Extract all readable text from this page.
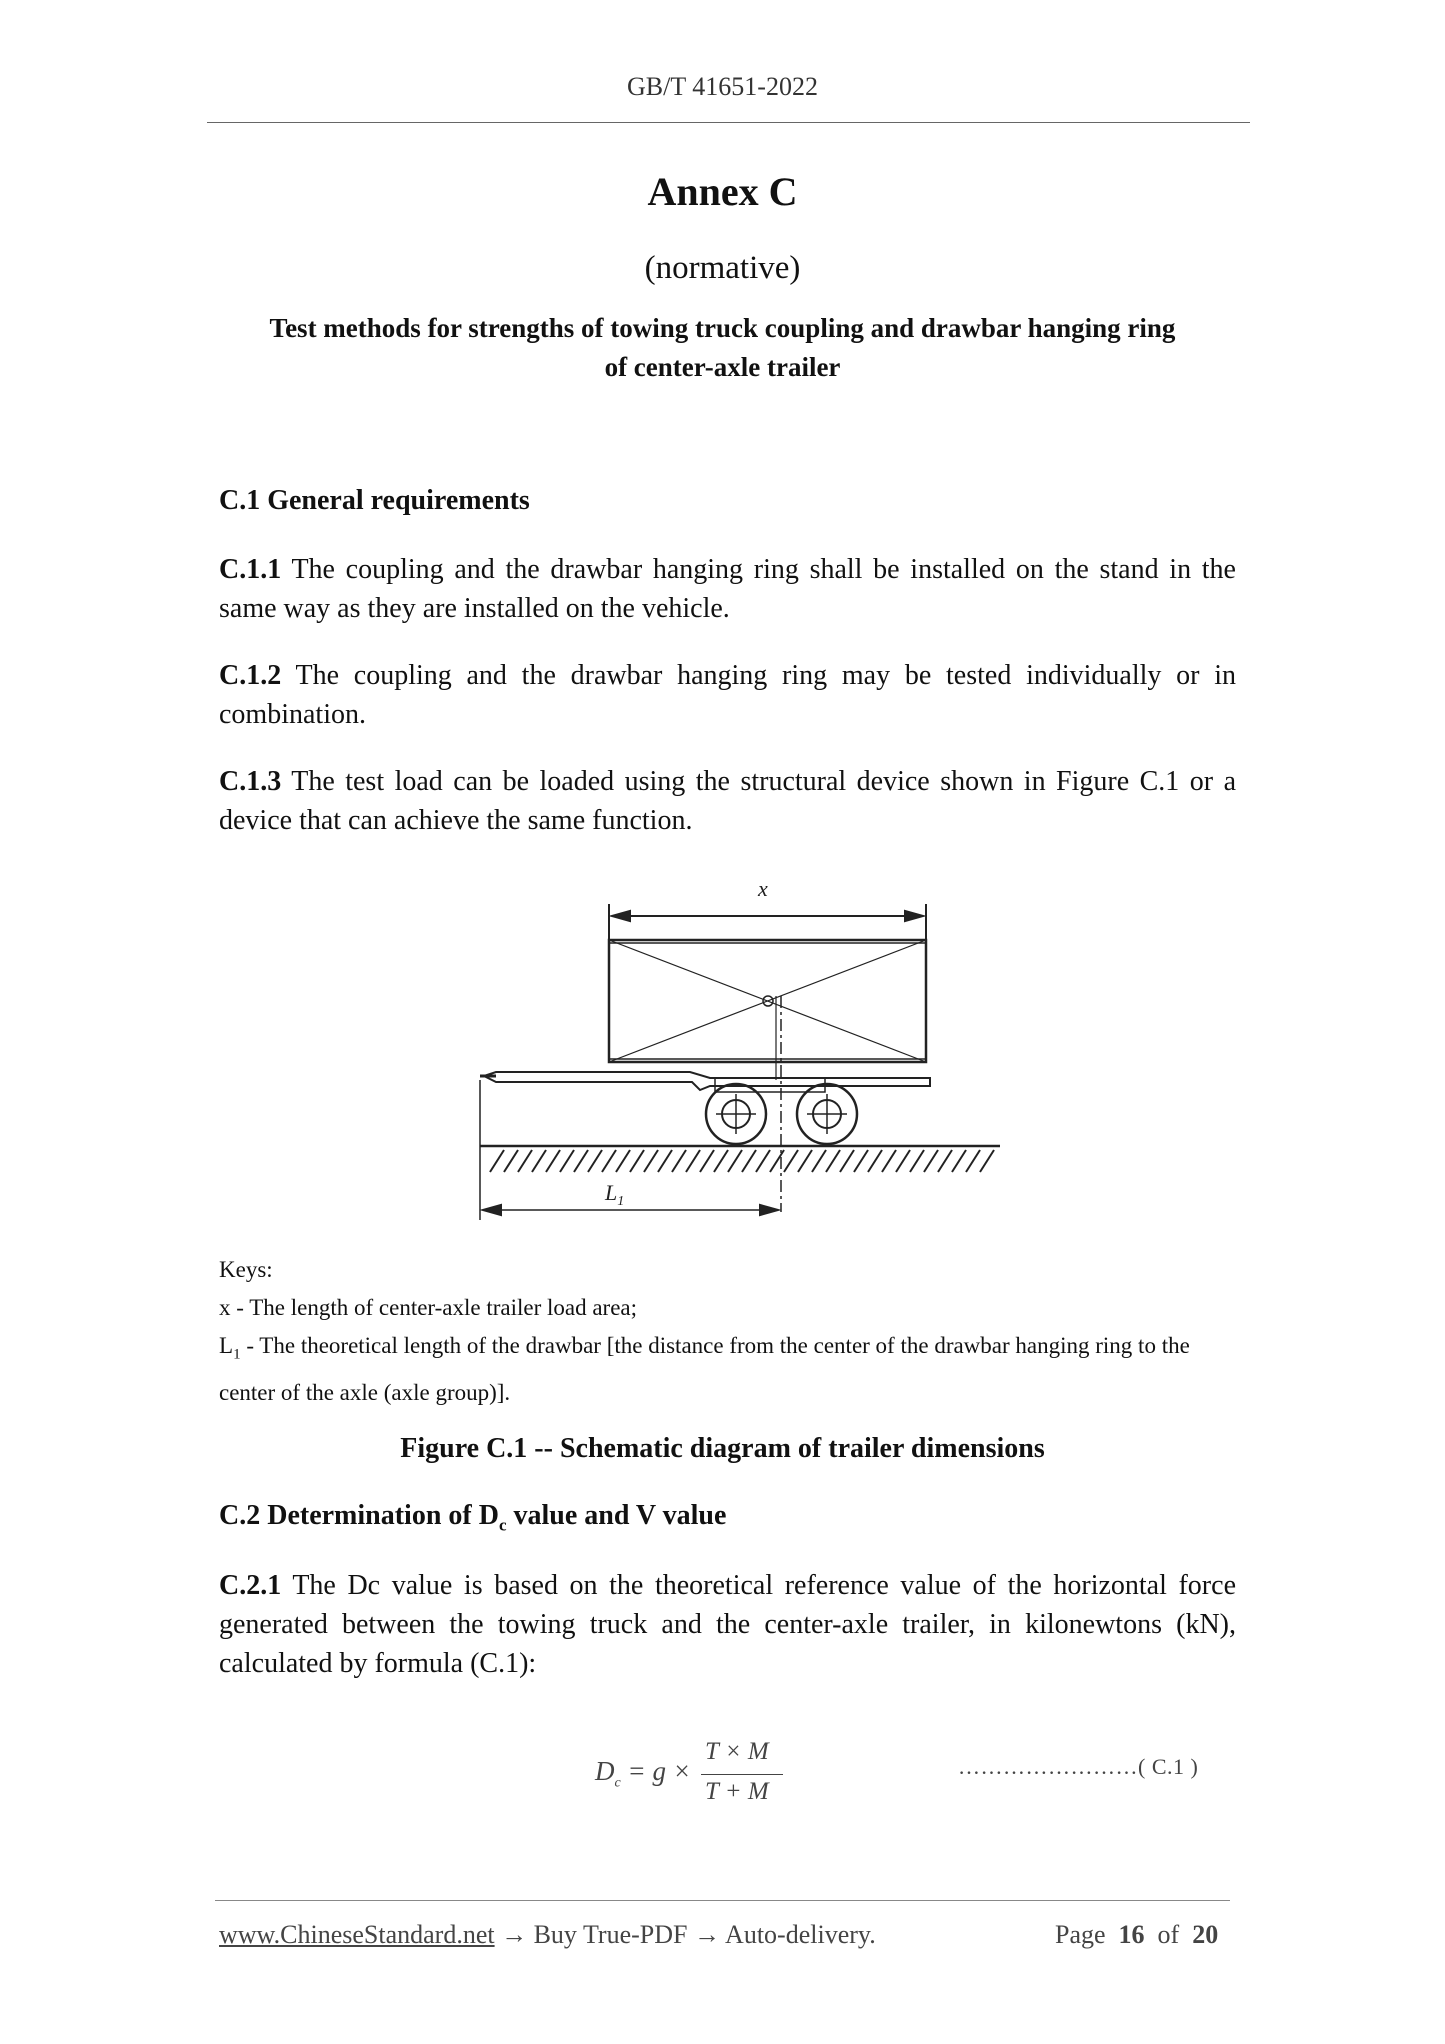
GB/T 41651-2022
Annex C
(normative)
Test methods for strengths of towing truck coupling and drawbar hanging ring
of center-axle trailer
C.1 General requirements
C.1.1 The coupling and the drawbar hanging ring shall be installed on the stand in the same way as they are installed on the vehicle.
C.1.2 The coupling and the drawbar hanging ring may be tested individually or in combination.
C.1.3 The test load can be loaded using the structural device shown in Figure C.1 or a device that can achieve the same function.
x
$L_1$
Keys:
x - The length of center-axle trailer load area;
$L_1$ - The theoretical length of the drawbar [the distance from the center of the drawbar hanging ring to the center of the axle (axle group)].
Figure C.1 -- Schematic diagram of trailer dimensions
C.2 Determination of $D_c$ value and V value
C.2.1 The Dc value is based on the theoretical reference value of the horizontal force generated between the towing truck and the center-axle trailer, in kilonewtons (kN), calculated by formula (C.1):
$D_c = g$ ×
T × M
T + M
……………………( C.1 )
www.ChineseStandard.net → Buy True-PDF → Auto-delivery.	Page 16 of 20
